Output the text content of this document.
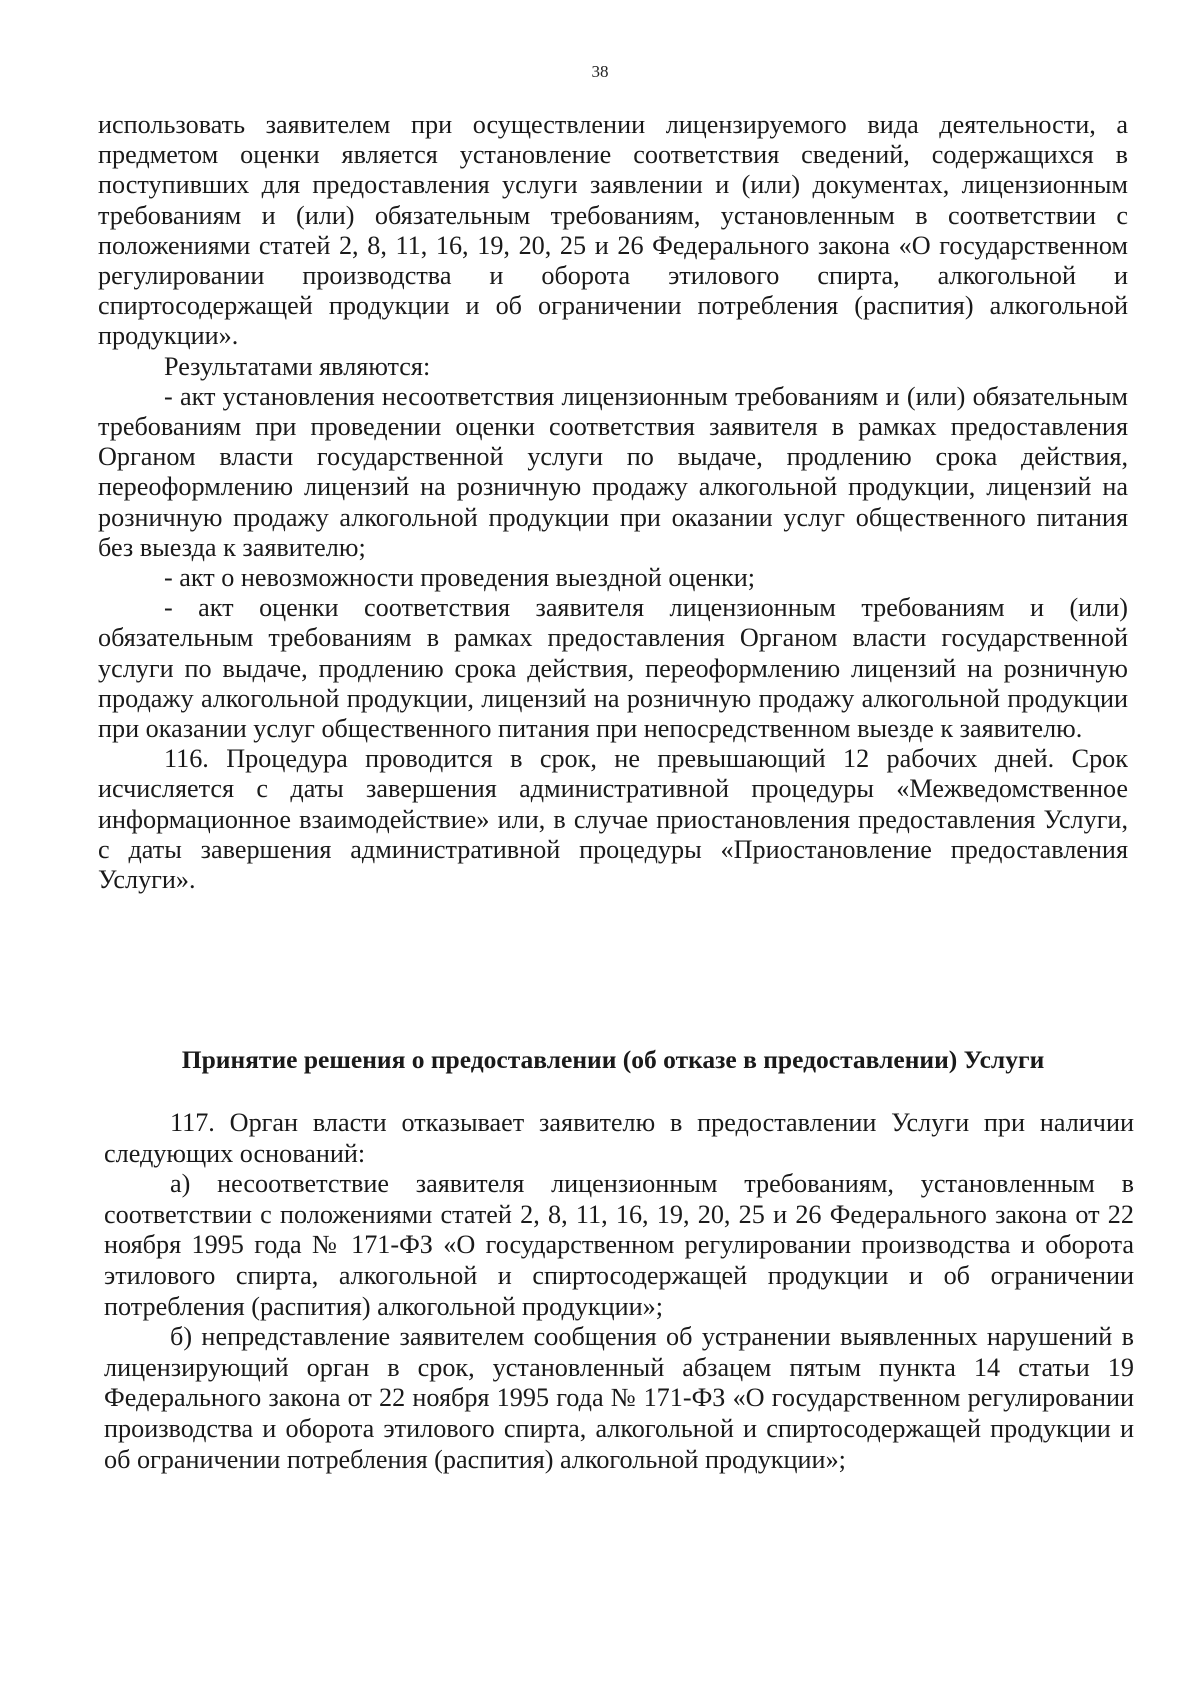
38

использовать заявителем при осуществлении лицензируемого вида деятельности, а предметом оценки является установление соответствия сведений, содержащихся в поступивших для предоставления услуги заявлении и (или) документах, лицензионным требованиям и (или) обязательным требованиям, установленным в соответствии с положениями статей 2, 8, 11, 16, 19, 20, 25 и 26 Федерального закона «О государственном регулировании производства и оборота этилового спирта, алкогольной и спиртосодержащей продукции и об ограничении потребления (распития) алкогольной продукции».

Результатами являются:

- акт установления несоответствия лицензионным требованиям и (или) обязательным требованиям при проведении оценки соответствия заявителя в рамках предоставления Органом власти государственной услуги по выдаче, продлению срока действия, переоформлению лицензий на розничную продажу алкогольной продукции, лицензий на розничную продажу алкогольной продукции при оказании услуг общественного питания без выезда к заявителю;

- акт о невозможности проведения выездной оценки;

- акт оценки соответствия заявителя лицензионным требованиям и (или) обязательным требованиям в рамках предоставления Органом власти государственной услуги по выдаче, продлению срока действия, переоформлению лицензий на розничную продажу алкогольной продукции, лицензий на розничную продажу алкогольной продукции при оказании услуг общественного питания при непосредственном выезде к заявителю.

116. Процедура проводится в срок, не превышающий 12 рабочих дней. Срок исчисляется с даты завершения административной процедуры «Межведомственное информационное взаимодействие» или, в случае приостановления предоставления Услуги, с даты завершения административной процедуры «Приостановление предоставления Услуги».

Принятие решения о предоставлении (об отказе в предоставлении) Услуги

117. Орган власти отказывает заявителю в предоставлении Услуги при наличии следующих оснований:

а) несоответствие заявителя лицензионным требованиям, установленным в соответствии с положениями статей 2, 8, 11, 16, 19, 20, 25 и 26 Федерального закона от 22 ноября 1995 года № 171-ФЗ «О государственном регулировании производства и оборота этилового спирта, алкогольной и спиртосодержащей продукции и об ограничении потребления (распития) алкогольной продукции»;

б) непредставление заявителем сообщения об устранении выявленных нарушений в лицензирующий орган в срок, установленный абзацем пятым пункта 14 статьи 19 Федерального закона от 22 ноября 1995 года № 171-ФЗ «О государственном регулировании производства и оборота этилового спирта, алкогольной и спиртосодержащей продукции и об ограничении потребления (распития) алкогольной продукции»;
